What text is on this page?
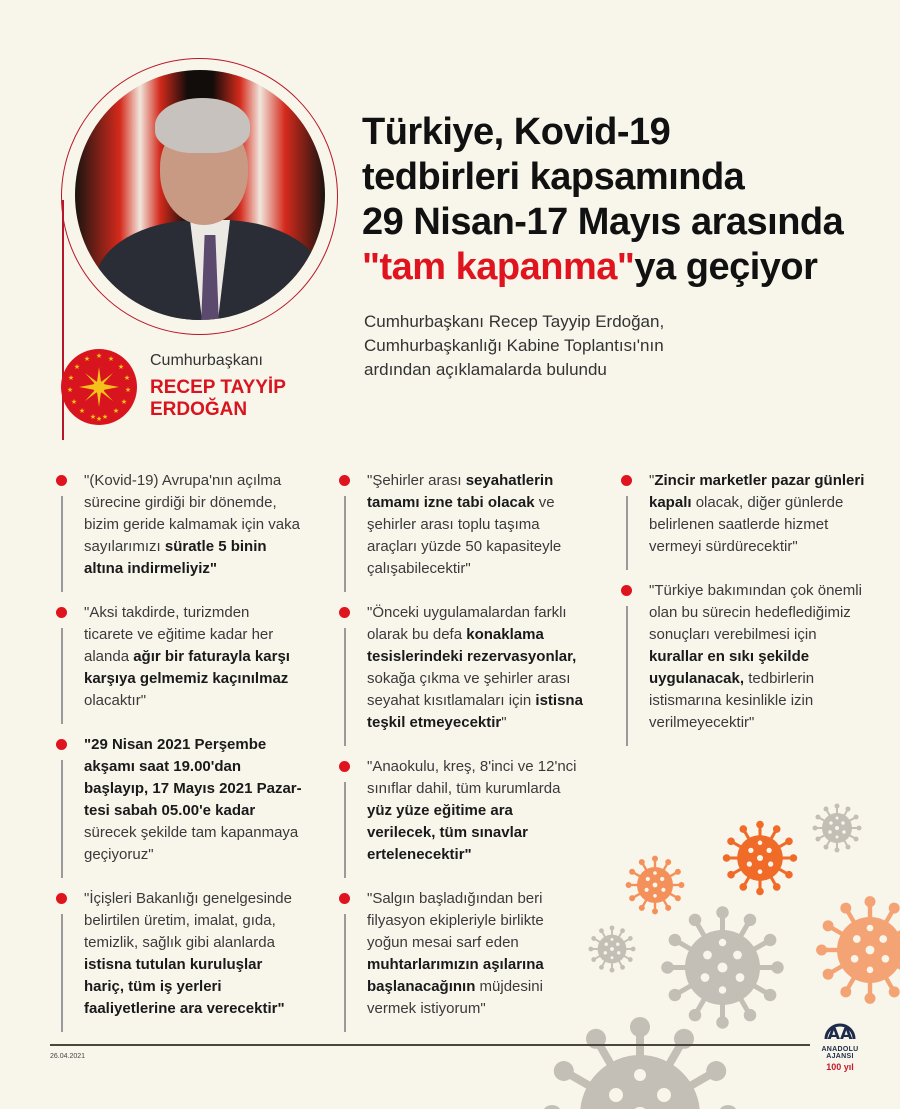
★ ★
★
★
★
★
★
★
★
★
★
★
★
★
★
★
Cumhurbaşkanı
RECEP TAYYİP
ERDOĞAN
Türkiye, Kovid-19
tedbirleri kapsamında
29 Nisan-17 Mayıs arasında
"tam kapanma"ya geçiyor
Cumhurbaşkanı Recep Tayyip Erdoğan,
Cumhurbaşkanlığı Kabine Toplantısı'nın
ardından açıklamalarda bulundu
"(Kovid-19) Avrupa'nın açılma sürecine girdiği bir dönemde, bizim geride kalmamak için vaka sayılarımızı süratle 5 binin altına indirmeliyiz"
"Aksi takdirde, turizmden ticarete ve eğitime kadar her alanda ağır bir faturayla karşı karşıya gelmemiz kaçınılmaz olacaktır"
"29 Nisan 2021 Perşembe akşamı saat 19.00'dan başlayıp, 17 Mayıs 2021 Pazar-tesi sabah 05.00'e kadar sürecek şekilde tam kapanmaya geçiyoruz"
"İçişleri Bakanlığı genelgesinde belirtilen üretim, imalat, gıda, temizlik, sağlık gibi alanlarda istisna tutulan kuruluşlar hariç, tüm iş yerleri faaliyetlerine ara verecektir"
"Şehirler arası seyahatlerin tamamı izne tabi olacak ve şehirler arası toplu taşıma araçları yüzde 50 kapasiteyle çalışabilecektir"
"Önceki uygulamalardan farklı olarak bu defa konaklama tesislerindeki rezervasyonlar, sokağa çıkma ve şehirler arası seyahat kısıtlamaları için istisna teşkil etmeyecektir"
"Anaokulu, kreş, 8'inci ve 12'nci sınıflar dahil, tüm kurumlarda yüz yüze eğitime ara verilecek, tüm sınavlar ertelenecektir"
"Salgın başladığından beri filyasyon ekipleriyle birlikte yoğun mesai sarf eden muhtarlarımızın aşılarına başlanacağının müjdesini vermek istiyorum"
"Zincir marketler pazar günleri kapalı olacak, diğer günlerde belirlenen saatlerde hizmet vermeyi sürdürecektir"
"Türkiye bakımından çok önemli olan bu sürecin hedeflediğimiz sonuçları verebilmesi için kurallar en sıkı şekilde uygulanacak, tedbirlerin istismarına kesinlikle izin verilmeyecektir"
26.04.2021
AA
ANADOLU AJANSI
100 yıl
